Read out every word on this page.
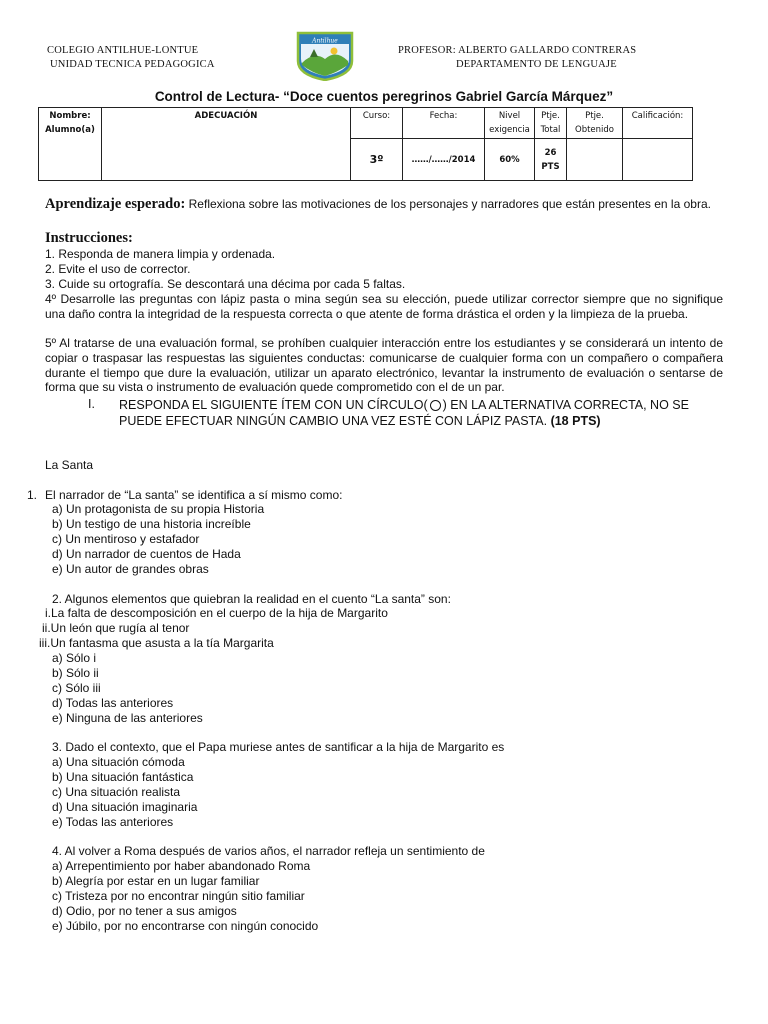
COLEGIO ANTILHUE-LONTUE
UNIDAD TECNICA PEDAGOGICA
PROFESOR: ALBERTO GALLARDO CONTRERAS
DEPARTAMENTO DE LENGUAJE
Antilhue
Control de Lectura- “Doce cuentos peregrinos Gabriel García Márquez”
Nombre: Alumno(a)	ADECUACIÓN	Curso:	Fecha:	Nivel exigencia	Ptje. Total	Ptje. Obtenido	Calificación:
		3º	……/……/2014	60%	26 PTS		
Aprendizaje esperado: Reflexiona sobre las motivaciones de los personajes y narradores que están presentes en la obra.
Instrucciones:
1. Responda de manera limpia y ordenada.
2. Evite el uso de corrector.
3. Cuide su ortografía. Se descontará una décima por cada 5 faltas.
4º Desarrolle las preguntas con lápiz pasta o mina según sea su elección, puede utilizar corrector siempre que no signifique una daño contra la integridad de la respuesta correcta o que atente de forma drástica el orden y la limpieza de la prueba.
5º Al tratarse de una evaluación formal, se prohíben cualquier interacción entre los estudiantes y se considerará un intento de copiar o traspasar las respuestas las siguientes conductas: comunicarse de cualquier forma con un compañero o compañera durante el tiempo que dure la evaluación, utilizar un aparato electrónico, levantar la instrumento de evaluación o sentarse de forma que su vista o instrumento de evaluación quede comprometido con el de un par.
I. RESPONDA EL SIGUIENTE ÍTEM CON UN CÍRCULO( ) EN LA ALTERNATIVA CORRECTA, NO SE PUEDE EFECTUAR NINGÚN CAMBIO UNA VEZ ESTÉ CON LÁPIZ PASTA. (18 PTS)
La Santa
1. El narrador de “La santa” se identifica a sí mismo como:
a) Un protagonista de su propia Historia
b) Un testigo de una historia increíble
c) Un mentiroso y estafador
d) Un narrador de cuentos de Hada
e) Un autor de grandes obras
2. Algunos elementos que quiebran la realidad en el cuento “La santa” son:
i.La falta de descomposición en el cuerpo de la hija de Margarito
ii.Un león que rugía al tenor
iii.Un fantasma que asusta a la tía Margarita
a) Sólo i
b) Sólo ii
c) Sólo iii
d) Todas las anteriores
e) Ninguna de las anteriores
3. Dado el contexto, que el Papa muriese antes de santificar a la hija de Margarito es
a) Una situación cómoda
b) Una situación fantástica
c) Una situación realista
d) Una situación imaginaria
e) Todas las anteriores
4. Al volver a Roma después de varios años, el narrador refleja un sentimiento de
a) Arrepentimiento por haber abandonado Roma
b) Alegría por estar en un lugar familiar
c) Tristeza por no encontrar ningún sitio familiar
d) Odio, por no tener a sus amigos
e) Júbilo, por no encontrarse con ningún conocido
